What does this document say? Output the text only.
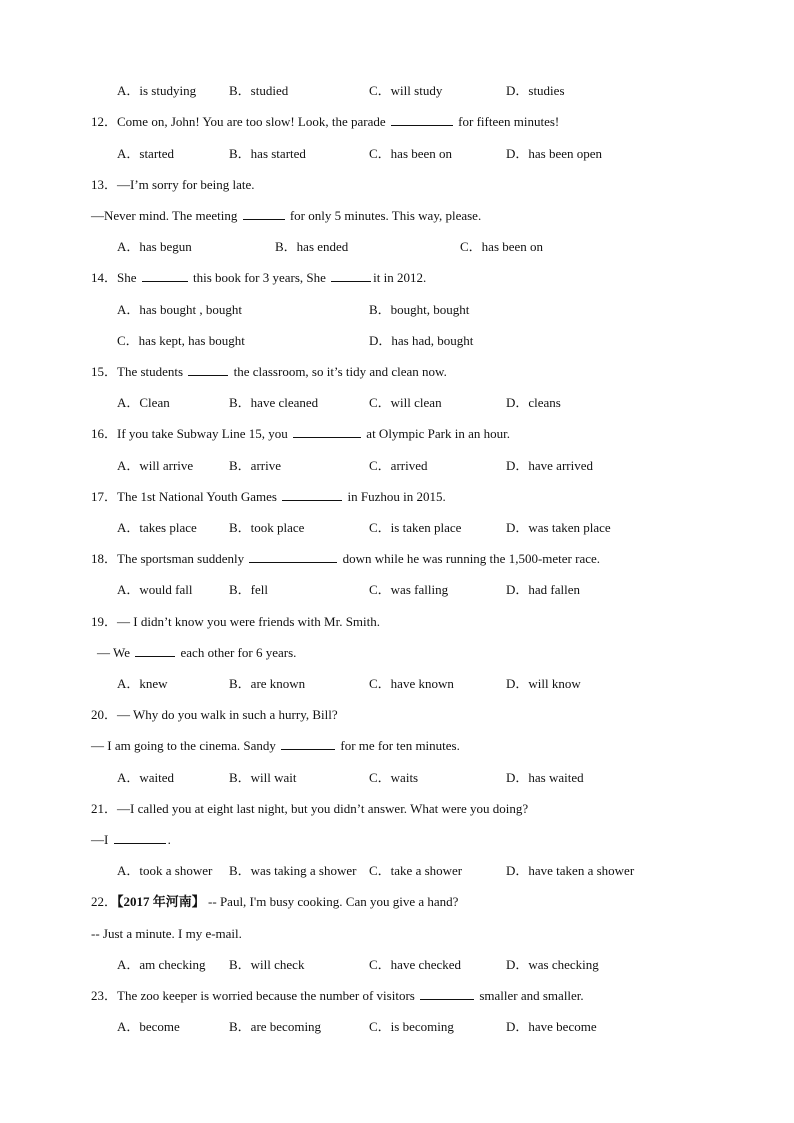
A．is studying	B．studied	C．will study	D．studies
12．Come on, John! You are too slow! Look, the parade	for fifteen minutes!
A．started	B．has started	C．has been on	D．has been open
13．—I’m sorry for being late.
—Never mind. The meeting	for only 5 minutes. This way, please.
A．has begun	B．has ended	C．has been on
14．She	this book for 3 years, She	it in 2012.
A．has bought , bought	B．bought, bought
C．has kept, has bought	D．has had, bought
15．The students	the classroom, so it’s tidy and clean now.
A．Clean	B．have cleaned	C．will clean	D．cleans
16．If you take Subway Line 15, you	at Olympic Park in an hour.
A．will arrive	B．arrive	C．arrived	D．have arrived
17．The 1st National Youth Games	in Fuzhou in 2015.
A．takes place B．took place	C．is taken place	D．was taken place
18．The sportsman suddenly	down while he was running the 1,500-meter race.
A．would fall	B．fell	C．was falling	D．had fallen
19．— I didn’t know you were friends with Mr. Smith.
— We	each other for 6 years.
A．knew	B．are known	C．have known	D．will know
20．— Why do you walk in such a hurry, Bill?
— I am going to the cinema. Sandy	for me for ten minutes.
A．waited	B．will wait	C．waits	D．has waited
21．—I called you at eight last night, but you didn’t answer. What were you doing?
—I	.
A．took a shower B．was taking a shower C．take a shower	D．have taken a shower
22．【2017 年河南】 -- Paul, I'm busy cooking. Can you give a hand?
-- Just a minute. I my e-mail.
A．am checking B．will check	C．have checked	D．was checking
23．The zoo keeper is worried because the number of visitors	smaller and smaller.
A．become	B．are becoming	C．is becoming	D．have become
